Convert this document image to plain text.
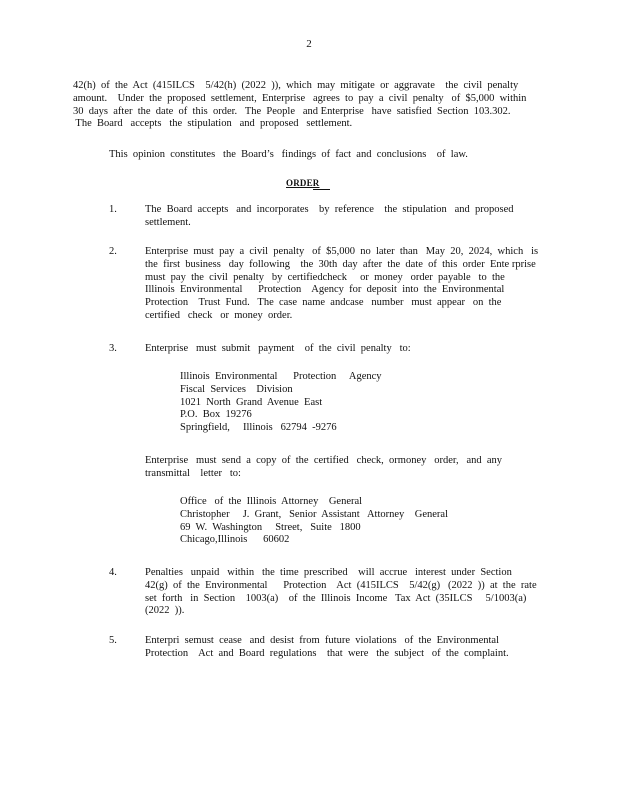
2
42(h)  of  the  Act  (415ILCS    5/42(h)  (2022  )),  which  may  mitigate  or  aggravate    the  civil  penalty
amount.    Under  the  proposed  settlement,  Enterprise   agrees  to  pay  a  civil  penalty   of  $5,000  within
30  days  after  the  date  of  this  order.   The  People   and Enterprise   have  satisfied  Section  103.302.
The  Board   accepts   the  stipulation   and  proposed   settlement.
This  opinion  constitutes   the  Board’s   findings  of  fact  and  conclusions    of  law.
ORDER
1.	The  Board  accepts   and  incorporates    by  reference    the  stipulation   and  proposed
settlement.
2.	Enterprise  must  pay  a  civil  penalty   of  $5,000  no  later  than   May  20,  2024,  which   is
the  first  business   day  following    the  30th  day  after  the  date  of  this  order  Ente rprise
must  pay  the  civil  penalty   by  certifiedcheck     or  money   order  payable   to  the
Illinois  Environmental      Protection    Agency  for  deposit  into  the  Environmental
Protection    Trust  Fund.   The  case  name  andcase   number   must  appear   on  the
certified   check   or  money  order.
3.	Enterprise   must  submit   payment    of  the  civil  penalty   to:
Illinois  Environmental      Protection     Agency
Fiscal  Services    Division
1021  North  Grand  Avenue  East
P.O.  Box  19276
Springfield,     Illinois   62794  -9276
Enterprise   must  send  a  copy  of  the  certified   check,  ormoney   order,   and  any
transmittal    letter   to:
Office   of  the  Illinois  Attorney    General
Christopher     J.  Grant,   Senior  Assistant   Attorney    General
69  W.  Washington     Street,   Suite   1800
Chicago,Illinois      60602
4.	Penalties   unpaid   within   the  time  prescribed    will  accrue   interest  under  Section
42(g)  of  the  Environmental      Protection    Act  (415ILCS    5/42(g)   (2022  ))  at  the  rate
set  forth   in  Section    1003(a)    of  the  Illinois  Income   Tax  Act  (35ILCS     5/1003(a)
(2022  )).
5.	Enterpri  semust  cease   and  desist  from  future  violations   of  the  Environmental
Protection    Act  and  Board  regulations    that  were   the  subject   of  the  complaint.
